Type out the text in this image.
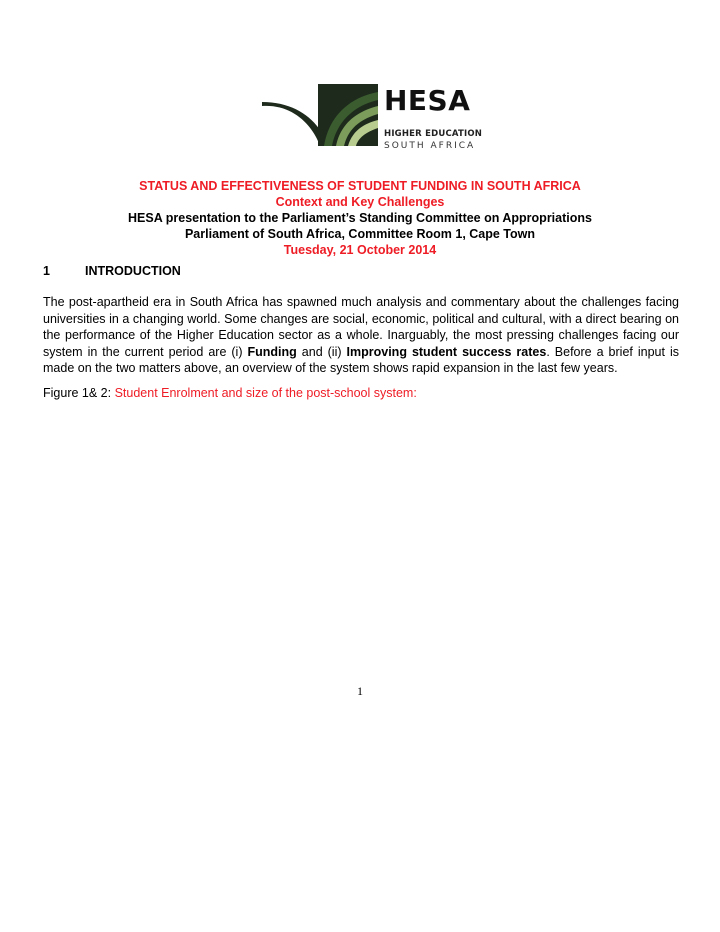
HESA
HIGHER EDUCATION
SOUTH AFRICA
STATUS AND EFFECTIVENESS OF STUDENT FUNDING IN SOUTH AFRICA
Context and Key Challenges
HESA presentation to the Parliament’s Standing Committee on Appropriations
Parliament of South Africa, Committee Room 1, Cape Town
Tuesday, 21 October 2014
1	INTRODUCTION
The post-apartheid era in South Africa has spawned much analysis and commentary about the challenges facing universities in a changing world. Some changes are social, economic, political and cultural, with a direct bearing on the performance of the Higher Education sector as a whole. Inarguably, the most pressing challenges facing our system in the current period are (i) Funding and (ii) Improving student success rates. Before a brief input is made on the two matters above, an overview of the system shows rapid expansion in the last few years.
Figure 1& 2: Student Enrolment and size of the post-school system:
1
